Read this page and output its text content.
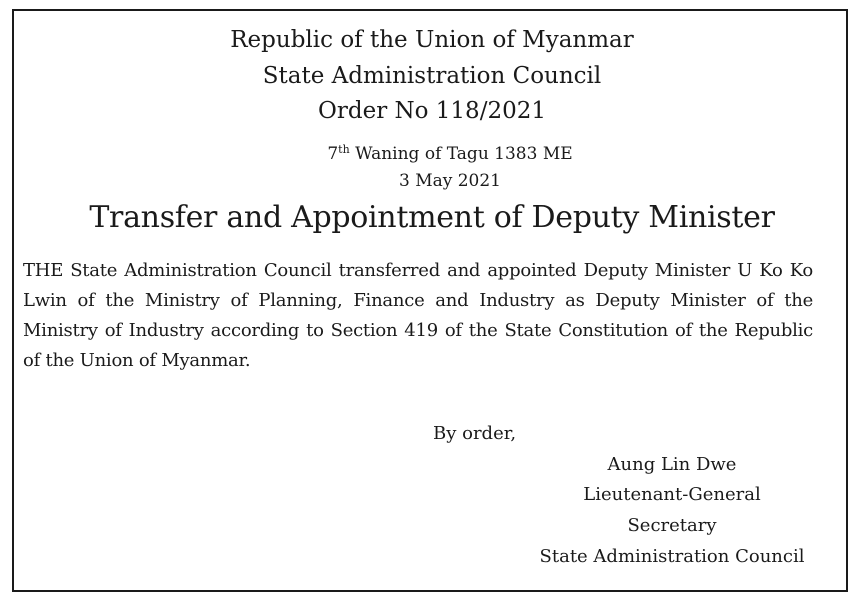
Republic of the Union of Myanmar
State Administration Council
Order No 118/2021
7th Waning of Tagu 1383 ME
3 May 2021
Transfer and Appointment of Deputy Minister
THE State Administration Council transferred and appointed Deputy Minister U Ko Ko Lwin of the Ministry of Planning, Finance and Industry as Deputy Minister of the Ministry of Industry according to Section 419 of the State Constitution of the Republic of the Union of Myanmar.
By order,
Aung Lin Dwe
Lieutenant-General
Secretary
State Administration Council
